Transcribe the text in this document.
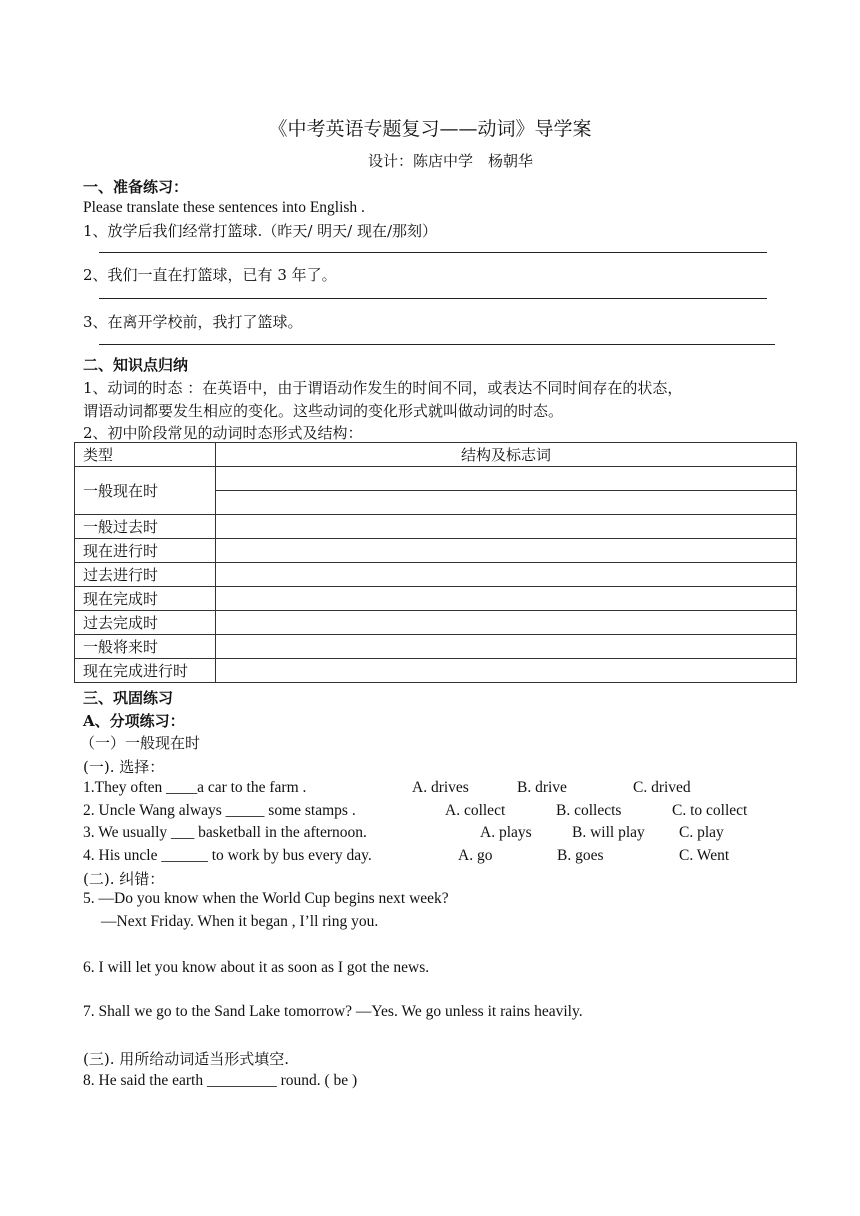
《中考英语专题复习——动词》导学案
设计：陈店中学　杨朝华
一、准备练习：
Please translate these sentences into English .
1、放学后我们经常打篮球.（昨天/ 明天/ 现在/那刻）
2、我们一直在打篮球，已有 3 年了。
3、在离开学校前，我打了篮球。
二、知识点归纳
1、动词的时态 ：在英语中，由于谓语动作发生的时间不同，或表达不同时间存在的状态，
谓语动词都要发生相应的变化。这些动词的变化形式就叫做动词的时态。
2、初中阶段常见的动词时态形式及结构：
类型	结构及标志词
一般现在时	

一般过去时	
现在进行时	
过去进行时	
现在完成时	
过去完成时	
一般将来时	
现在完成进行时	
三、巩固练习
A、分项练习：
（一）一般现在时
(一). 选择：
1.They often ____a car to the farm .	A. drives	B. drive	C. drived
2. Uncle Wang always _____ some stamps .	A. collect	B. collects	C. to collect
3. We usually ___ basketball in the afternoon.	A. plays	B. will play C. play
4. His uncle ______ to work by bus every day.	A. go	B. goes	C. Went
(二). 纠错：
5. —Do you know when the World Cup begins next week?
—Next Friday. When it began , I’ll ring you.
6. I will let you know about it as soon as I got the news.
7. Shall we go to the Sand Lake tomorrow? —Yes. We go unless it rains heavily.
(三). 用所给动词适当形式填空.
8. He said the earth _________ round. ( be )
